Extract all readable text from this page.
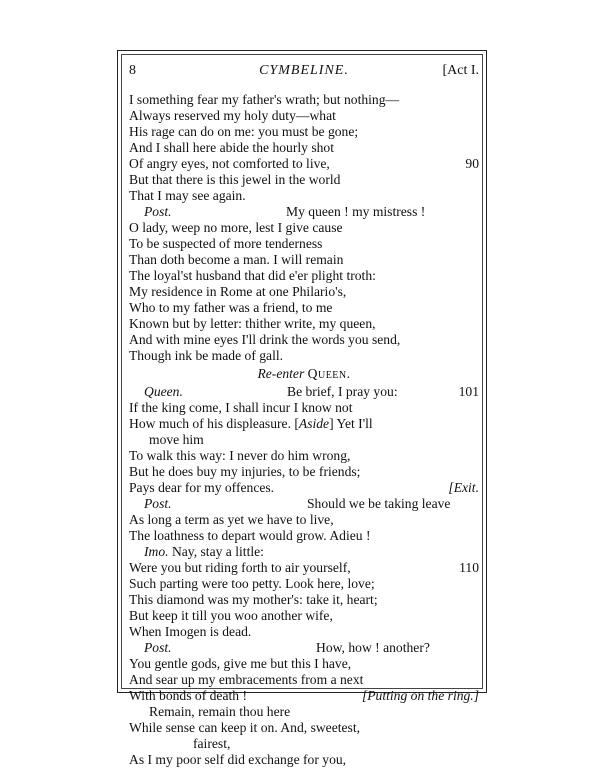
8	CYMBELINE.	[Act I.
I something fear my father's wrath; but nothing—
Always reserved my holy duty—what
His rage can do on me: you must be gone;
And I shall here abide the hourly shot
Of angry eyes, not comforted to live,	90
But that there is this jewel in the world
That I may see again.
Post.	My queen ! my mistress !
O lady, weep no more, lest I give cause
To be suspected of more tenderness
Than doth become a man. I will remain
The loyal'st husband that did e'er plight troth:
My residence in Rome at one Philario's,
Who to my father was a friend, to me
Known but by letter: thither write, my queen,
And with mine eyes I'll drink the words you send,
Though ink be made of gall.
Re-enter Queen.
Queen.	Be brief, I pray you:	101
If the king come, I shall incur I know not
How much of his displeasure. [Aside] Yet I'll
move him
To walk this way: I never do him wrong,
But he does buy my injuries, to be friends;
Pays dear for my offences.	[Exit.
Post.	Should we be taking leave
As long a term as yet we have to live,
The loathness to depart would grow. Adieu !
Imo. Nay, stay a little:
Were you but riding forth to air yourself,	110
Such parting were too petty. Look here, love;
This diamond was my mother's: take it, heart;
But keep it till you woo another wife,
When Imogen is dead.
Post.	How, how ! another?
You gentle gods, give me but this I have,
And sear up my embracements from a next
With bonds of death !	[Putting on the ring.]
Remain, remain thou here
While sense can keep it on. And, sweetest,
fairest,
As I my poor self did exchange for you,
